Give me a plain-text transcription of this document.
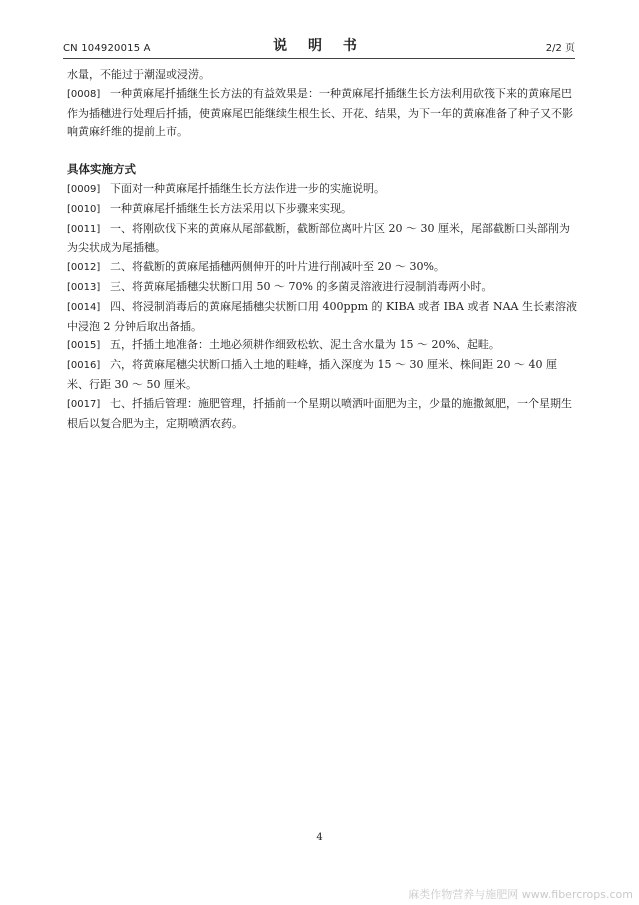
CN 104920015 A	说 明 书	2/2 页
水量，不能过于潮湿或浸涝。
[0008] 一种黄麻尾扦插继生长方法的有益效果是：一种黄麻尾扦插继生长方法利用砍筏下来的黄麻尾巴作为插穗进行处理后扦插，使黄麻尾巴能继续生根生长、开花、结果，为下一年的黄麻准备了种子又不影响黄麻纤维的提前上市。
具体实施方式
[0009] 下面对一种黄麻尾扦插继生长方法作进一步的实施说明。
[0010] 一种黄麻尾扦插继生长方法采用以下步骤来实现。
[0011] 一、将刚砍伐下来的黄麻从尾部截断，截断部位离叶片区 20 ～ 30 厘米，尾部截断口头部削为为尖状成为尾插穗。
[0012] 二、将截断的黄麻尾插穗两侧伸开的叶片进行削减叶至 20 ～ 30%。
[0013] 三、将黄麻尾插穗尖状断口用 50 ～ 70% 的多菌灵溶液进行浸制消毒两小时。
[0014] 四、将浸制消毒后的黄麻尾插穗尖状断口用 400ppm 的 KIBA 或者 IBA 或者 NAA 生长素溶液中浸泡 2 分钟后取出备插。
[0015] 五，扦插土地准备：土地必须耕作细致松软、泥土含水量为 15 ～ 20%、起畦。
[0016] 六，将黄麻尾穗尖状断口插入土地的畦峰，插入深度为 15 ～ 30 厘米、株间距 20 ～ 40 厘米、行距 30 ～ 50 厘米。
[0017] 七、扦插后管理：施肥管理，扦插前一个星期以喷洒叶面肥为主，少量的施撒氮肥，一个星期生根后以复合肥为主，定期喷洒农药。
4
麻类作物营养与施肥网 www.fibercrops.com
